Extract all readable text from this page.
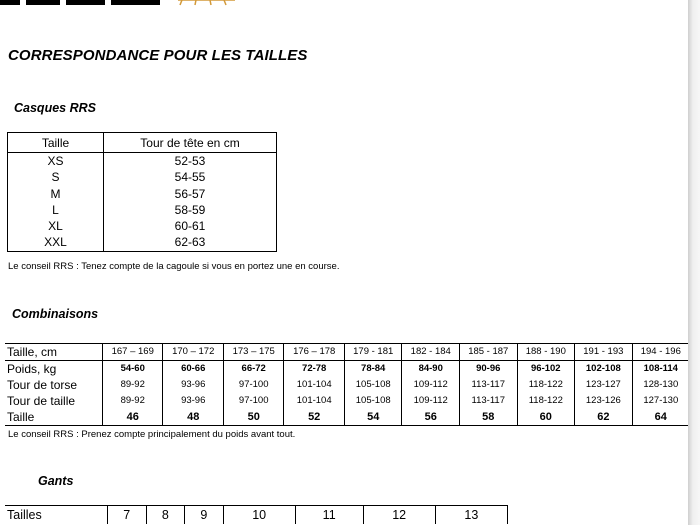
CORRESPONDANCE POUR LES TAILLES
Casques RRS
Taille	Tour de tête en cm
XS	52-53
S	54-55
M	56-57
L	58-59
XL	60-61
XXL	62-63
Le conseil RRS : Tenez compte de la cagoule si vous en portez une en course.
Combinaisons
Taille, cm	167 – 169	170 – 172	173 – 175	176 – 178	179 - 181	182 - 184	185 - 187	188 - 190	191 - 193	194 - 196
Poids, kg	54-60	60-66	66-72	72-78	78-84	84-90	90-96	96-102	102-108	108-114
Tour de torse	89-92	93-96	97-100	101-104	105-108	109-112	113-117	118-122	123-127	128-130
Tour de taille	89-92	93-96	97-100	101-104	105-108	109-112	113-117	118-122	123-126	127-130
Taille	46	48	50	52	54	56	58	60	62	64
Le conseil RRS : Prenez compte principalement du poids avant tout.
Gants
Tailles	7	8	9	10	11	12	13
